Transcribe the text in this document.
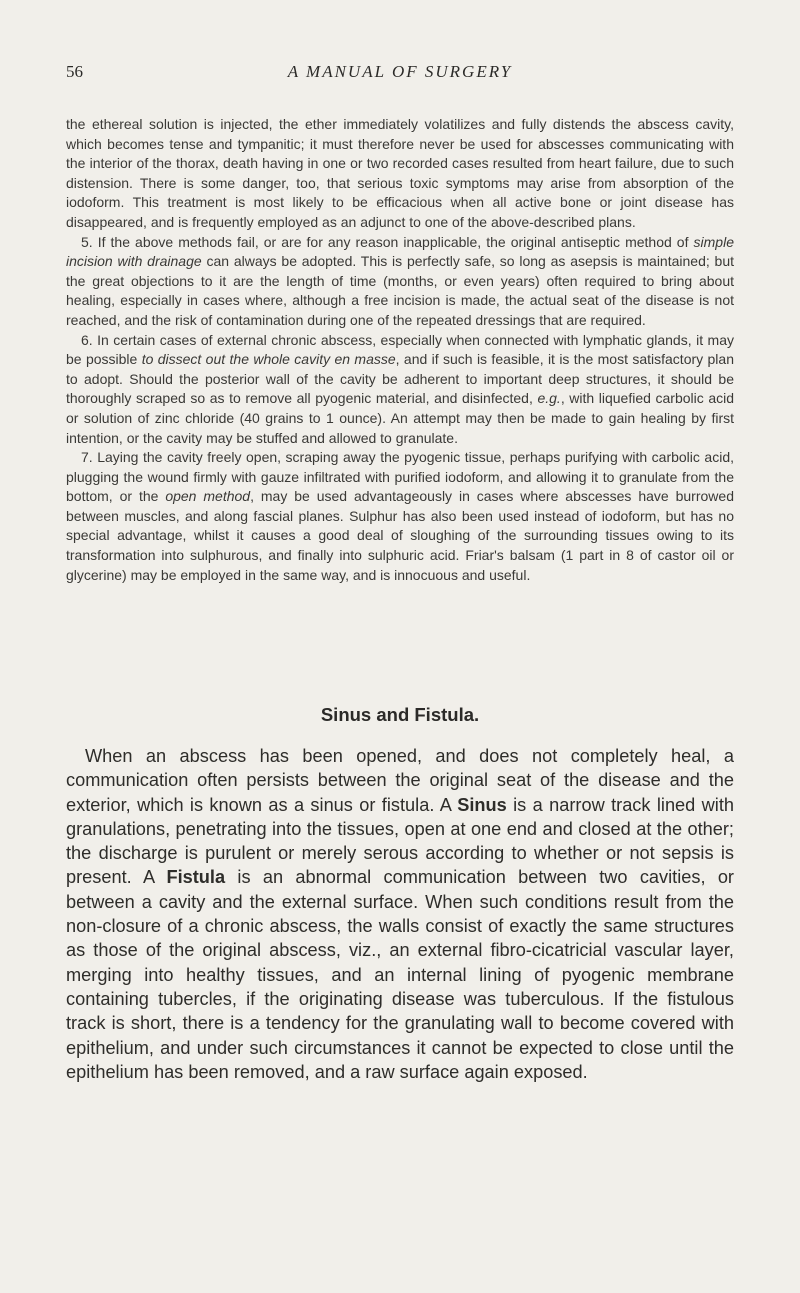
56	A MANUAL OF SURGERY

the ethereal solution is injected, the ether immediately volatilizes and fully distends the abscess cavity, which becomes tense and tympanitic; it must therefore never be used for abscesses communicating with the interior of the thorax, death having in one or two recorded cases resulted from heart failure, due to such distension. There is some danger, too, that serious toxic symptoms may arise from absorption of the iodoform. This treatment is most likely to be efficacious when all active bone or joint disease has disappeared, and is frequently employed as an adjunct to one of the above-described plans.

5. If the above methods fail, or are for any reason inapplicable, the original antiseptic method of simple incision with drainage can always be adopted. This is perfectly safe, so long as asepsis is maintained; but the great objections to it are the length of time (months, or even years) often required to bring about healing, especially in cases where, although a free incision is made, the actual seat of the disease is not reached, and the risk of contamination during one of the repeated dressings that are required.

6. In certain cases of external chronic abscess, especially when connected with lymphatic glands, it may be possible to dissect out the whole cavity en masse, and if such is feasible, it is the most satisfactory plan to adopt. Should the posterior wall of the cavity be adherent to important deep structures, it should be thoroughly scraped so as to remove all pyogenic material, and disinfected, e.g., with liquefied carbolic acid or solution of zinc chloride (40 grains to 1 ounce). An attempt may then be made to gain healing by first intention, or the cavity may be stuffed and allowed to granulate.

7. Laying the cavity freely open, scraping away the pyogenic tissue, perhaps purifying with carbolic acid, plugging the wound firmly with gauze infiltrated with purified iodoform, and allowing it to granulate from the bottom, or the open method, may be used advantageously in cases where abscesses have burrowed between muscles, and along fascial planes. Sulphur has also been used instead of iodoform, but has no special advantage, whilst it causes a good deal of sloughing of the surrounding tissues owing to its transformation into sulphurous, and finally into sulphuric acid. Friar's balsam (1 part in 8 of castor oil or glycerine) may be employed in the same way, and is innocuous and useful.

Sinus and Fistula.

When an abscess has been opened, and does not completely heal, a communication often persists between the original seat of the disease and the exterior, which is known as a sinus or fistula. A Sinus is a narrow track lined with granulations, penetrating into the tissues, open at one end and closed at the other; the discharge is purulent or merely serous according to whether or not sepsis is present. A Fistula is an abnormal communication between two cavities, or between a cavity and the external surface. When such conditions result from the non-closure of a chronic abscess, the walls consist of exactly the same structures as those of the original abscess, viz., an external fibro-cicatricial vascular layer, merging into healthy tissues, and an internal lining of pyogenic membrane containing tubercles, if the originating disease was tuberculous. If the fistulous track is short, there is a tendency for the granulating wall to become covered with epithelium, and under such circumstances it cannot be expected to close until the epithelium has been removed, and a raw surface again exposed.
